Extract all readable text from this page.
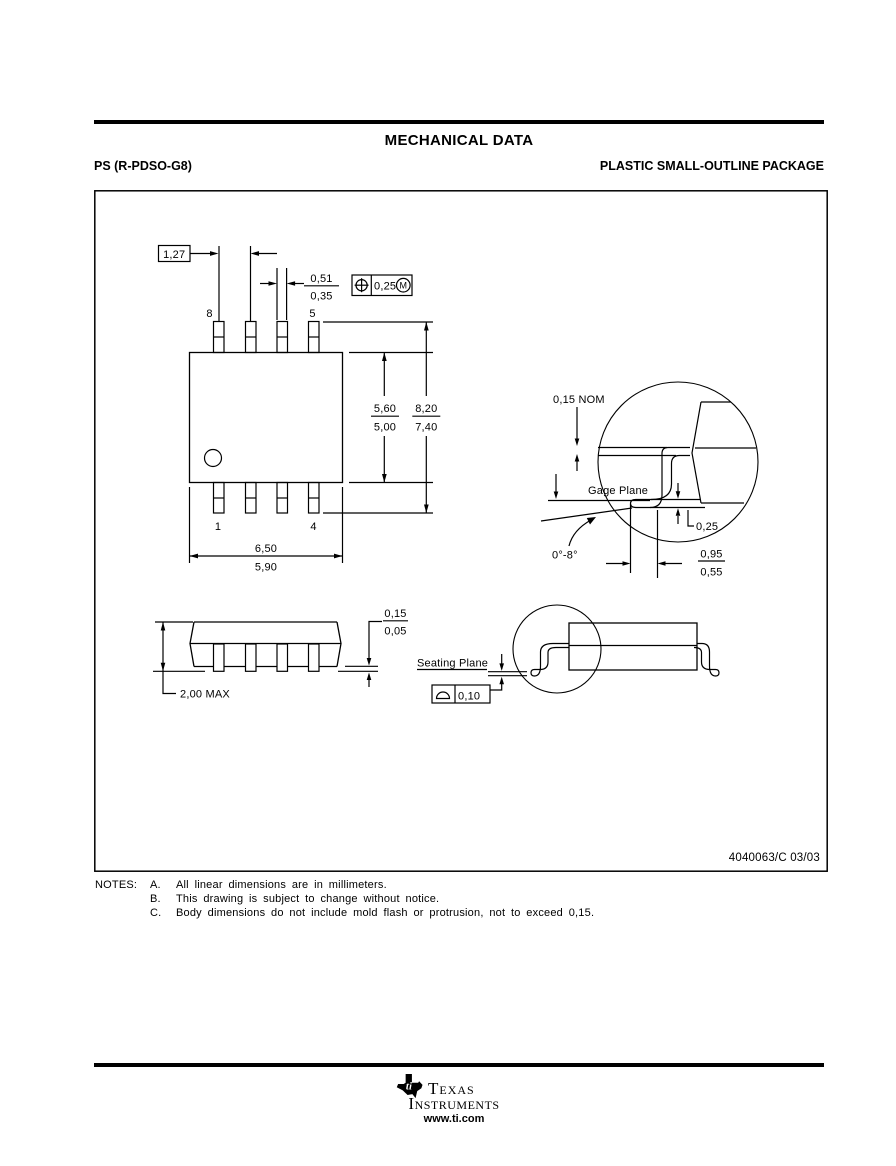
MECHANICAL DATA
PS (R-PDSO-G8)	PLASTIC SMALL-OUTLINE PACKAGE
1,27
0,51
0,35
0,25 M
8	5
1	4
5,60
5,00
8,20
7,40
6,50
5,90
0,15 NOM
Gage Plane
0°-8°
0,25
0,95
0,55
2,00 MAX
0,15
0,05
Seating Plane
0,10
4040063/C 03/03
NOTES:	A.	All linear dimensions are in millimeters.
B.	This drawing is subject to change without notice.
C.	Body dimensions do not include mold flash or protrusion, not to exceed 0,15.
ti Texas
Instruments
www.ti.com
